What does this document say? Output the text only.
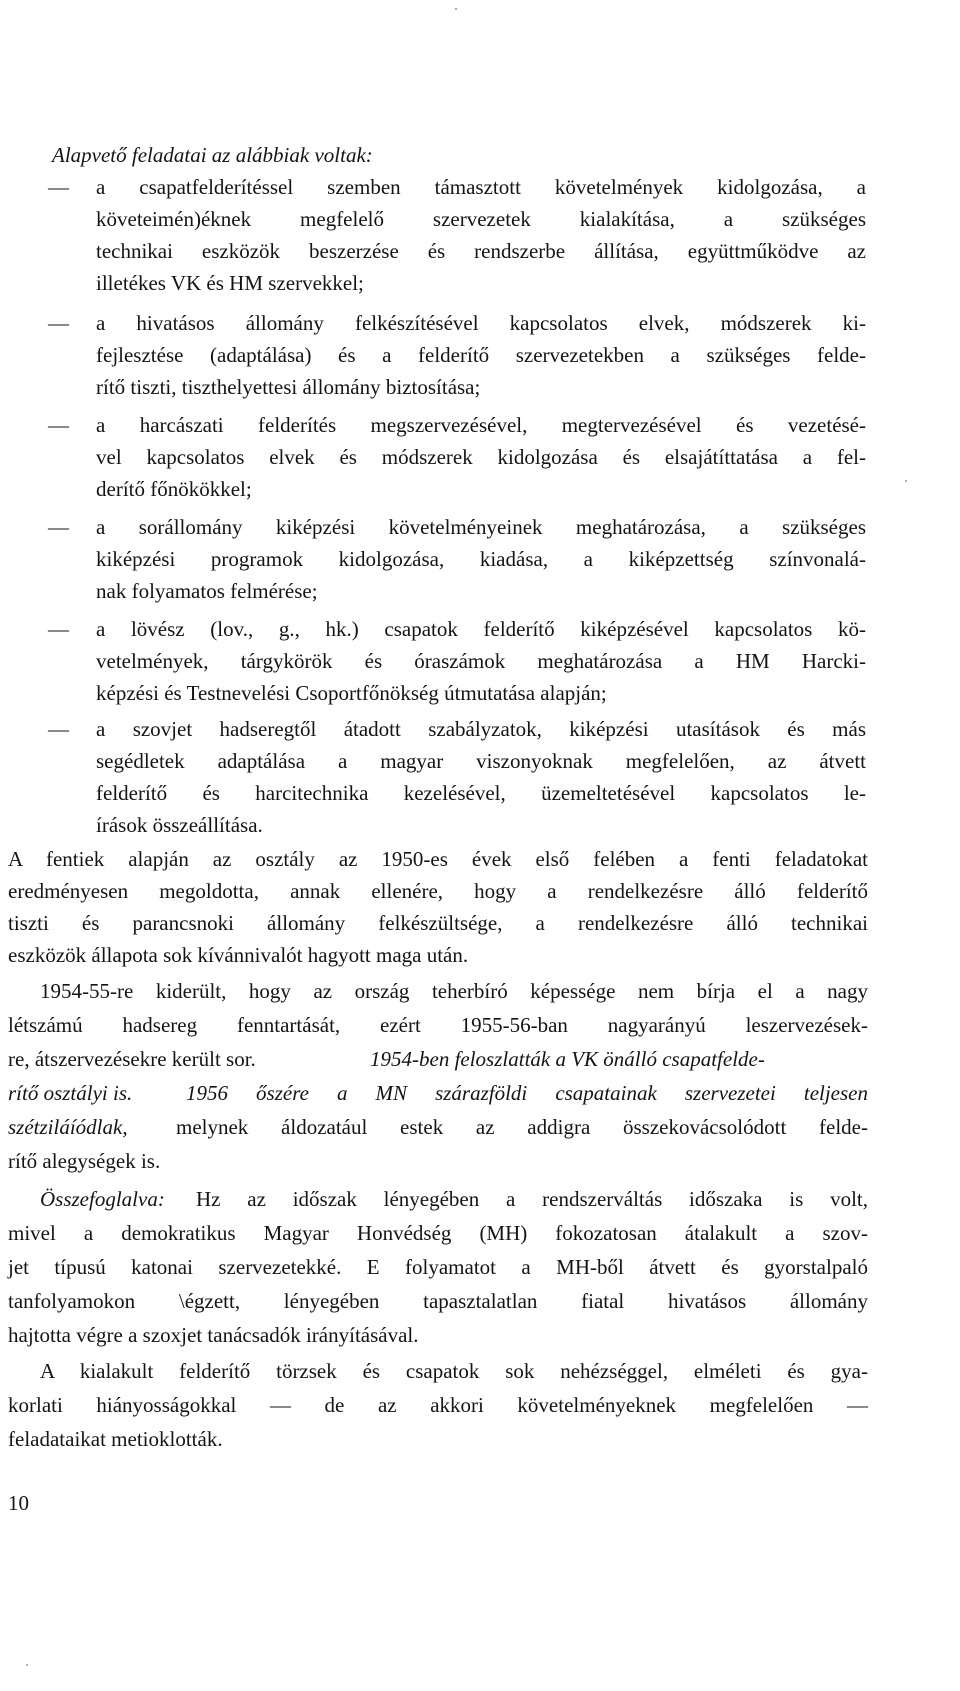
Alapvető feladatai az alábbiak voltak:
— a csapatfelderítéssel szemben támasztott követelmények kidolgozása, a
követeimén)éknek megfelelő szervezetek kialakítása, a szükséges
technikai eszközök beszerzése és rendszerbe állítása, együttműködve az
illetékes VK és HM szervekkel;
— a hivatásos állomány felkészítésével kapcsolatos elvek, módszerek ki-
fejlesztése (adaptálása) és a felderítő szervezetekben a szükséges felde-
rítő tiszti, tiszthelyettesi állomány biztosítása;
— a harcászati felderítés megszervezésével, megtervezésével és vezetésé-
vel kapcsolatos elvek és módszerek kidolgozása és elsajátíttatása a fel-
derítő főnökökkel;
— a sorállomány kiképzési követelményeinek meghatározása, a szükséges
kiképzési programok kidolgozása, kiadása, a kiképzettség színvonalá-
nak folyamatos felmérése;
— a lövész (lov., g., hk.) csapatok felderítő kiképzésével kapcsolatos kö-
vetelmények, tárgykörök és óraszámok meghatározása a HM Harcki-
képzési és Testnevelési Csoportfőnökség útmutatása alapján;
— a szovjet hadseregtől átadott szabályzatok, kiképzési utasítások és más
segédletek adaptálása a magyar viszonyoknak megfelelően, az átvett
felderítő és harcitechnika kezelésével, üzemeltetésével kapcsolatos le-
írások összeállítása.
A fentiek alapján az osztály az 1950-es évek első felében a fenti feladatokat
eredményesen megoldotta, annak ellenére, hogy a rendelkezésre álló felderítő
tiszti és parancsnoki állomány felkészültsége, a rendelkezésre álló technikai
eszközök állapota sok kívánnivalót hagyott maga után.
1954-55-re kiderült, hogy az ország teherbíró képessége nem bírja el a nagy
létszámú hadsereg fenntartását, ezért 1955-56-ban nagyarányú leszervezések-
re, átszervezésekre került sor.	1954-ben feloszlatták a VK önálló csapatfelde-
rítő osztályi is.	1956 őszére a MN szárazföldi csapatainak szervezetei teljesen
szétziláíódlak, melynek áldozatául estek az addigra összekovácsolódott felde-
rítő alegységek is.
Összefoglalva: Hz az időszak lényegében a rendszerváltás időszaka is volt,
mivel a demokratikus Magyar Honvédség (MH) fokozatosan átalakult a szov-
jet típusú katonai szervezetekké. E folyamatot a MH-ből átvett és gyorstalpaló
tanfolyamokon \égzett, lényegében tapasztalatlan fiatal hivatásos állomány
hajtotta végre a szoxjet tanácsadók irányításával.
A kialakult felderítő törzsek és csapatok sok nehézséggel, elméleti és gya-
korlati hiányosságokkal — de az akkori követelményeknek megfelelően —
feladataikat metioklották.
10
